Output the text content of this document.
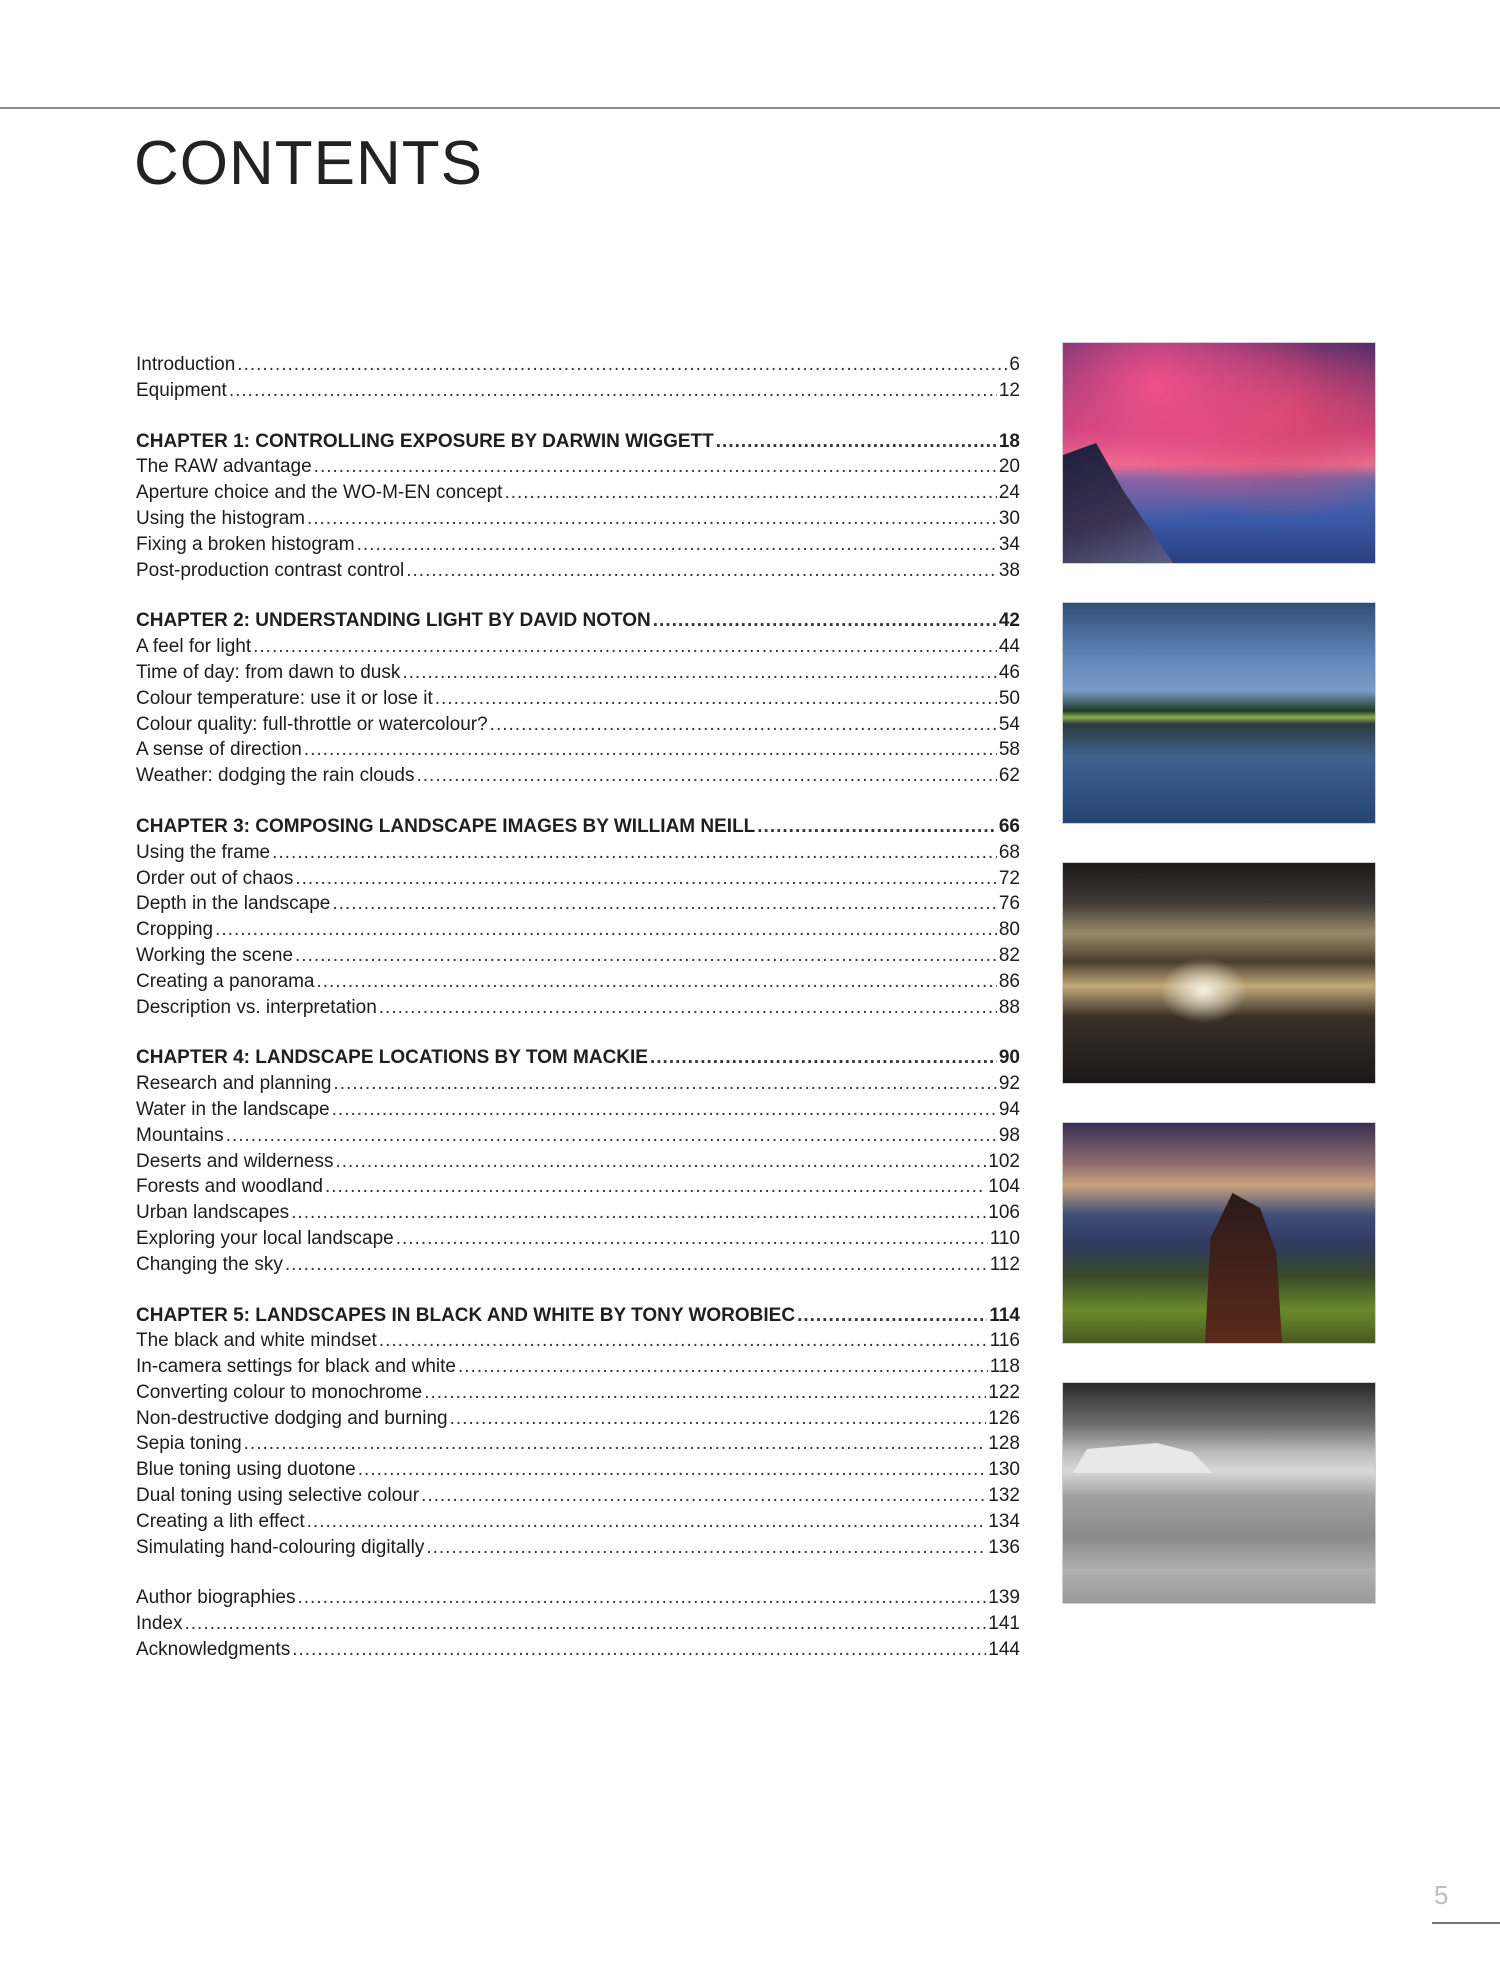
CONTENTS
Introduction .....	6
Equipment .....	12
CHAPTER 1: CONTROLLING EXPOSURE BY DARWIN WIGGETT .....	18
The RAW advantage .....	20
Aperture choice and the WO-M-EN concept .....	24
Using the histogram .....	30
Fixing a broken histogram .....	34
Post-production contrast control .....	38
CHAPTER 2: UNDERSTANDING LIGHT BY DAVID NOTON .....	42
A feel for light .....	44
Time of day: from dawn to dusk .....	46
Colour temperature: use it or lose it .....	50
Colour quality: full-throttle or watercolour? .....	54
A sense of direction .....	58
Weather: dodging the rain clouds .....	62
CHAPTER 3: COMPOSING LANDSCAPE IMAGES BY WILLIAM NEILL .....	66
Using the frame .....	68
Order out of chaos .....	72
Depth in the landscape .....	76
Cropping .....	80
Working the scene .....	82
Creating a panorama .....	86
Description vs. interpretation .....	88
CHAPTER 4: LANDSCAPE LOCATIONS BY TOM MACKIE .....	90
Research and planning .....	92
Water in the landscape .....	94
Mountains .....	98
Deserts and wilderness .....	102
Forests and woodland .....	104
Urban landscapes .....	106
Exploring your local landscape .....	110
Changing the sky .....	112
CHAPTER 5: LANDSCAPES IN BLACK AND WHITE BY TONY WOROBIEC .....	114
The black and white mindset .....	116
In-camera settings for black and white .....	118
Converting colour to monochrome .....	122
Non-destructive dodging and burning .....	126
Sepia toning .....	128
Blue toning using duotone .....	130
Dual toning using selective colour .....	132
Creating a lith effect .....	134
Simulating hand-colouring digitally .....	136
Author biographies .....	139
Index .....	141
Acknowledgments .....	144
5
